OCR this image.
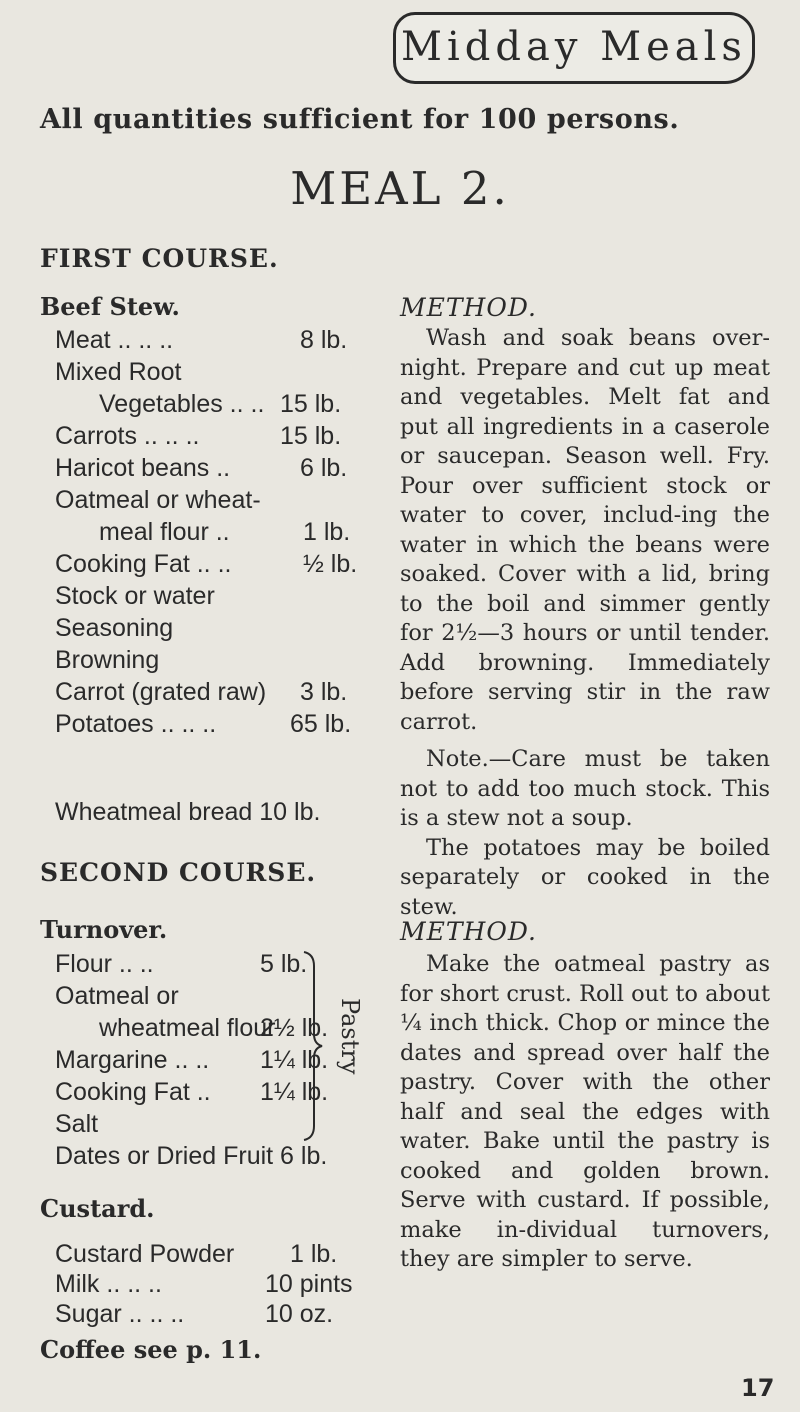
Midday Meals
All quantities sufficient for 100 persons.
MEAL 2.
FIRST COURSE.
Beef Stew.
Meat .. .. ..	8 lb.
Mixed Root
Vegetables .. .. 15 lb.
Carrots .. .. ..	15 lb.
Haricot beans ..	6 lb.
Oatmeal or wheat-
meal flour ..	1 lb.
Cooking Fat .. ..	½ lb.
Stock or water
Seasoning
Browning
Carrot (grated raw) 3 lb.
Potatoes .. .. ..	65 lb.
Wheatmeal bread 10 lb.
METHOD.

Wash and soak beans over-night. Prepare and cut up meat and vegetables. Melt fat and put all ingredients in a caserole or saucepan. Season well. Fry. Pour over sufficient stock or water to cover, includ-ing the water in which the beans were soaked. Cover with a lid, bring to the boil and simmer gently for 2½—3 hours or until tender. Add browning. Immediately before serving stir in the raw carrot.

Note.—Care must be taken not to add too much stock. This is a stew not a soup.

The potatoes may be boiled separately or cooked in the stew.

SECOND COURSE.
Turnover.
Flour .. ..	5 lb.
Oatmeal or
wheatmeal flour
2½ lb.
Margarine .. .. 1¼ lb.
Cooking Fat .. 1¼ lb.
Salt
Pastry
Dates or Dried Fruit 6 lb.
Custard.
Custard Powder 1 lb.
Milk .. .. ..	10 pints
Sugar .. .. ..	10 oz.
Coffee see p. 11.
METHOD.

Make the oatmeal pastry as for short crust. Roll out to about ¼ inch thick. Chop or mince the dates and spread over half the pastry. Cover with the other half and seal the edges with water. Bake until the pastry is cooked and golden brown. Serve with custard. If possible, make in-dividual turnovers, they are simpler to serve.

17
